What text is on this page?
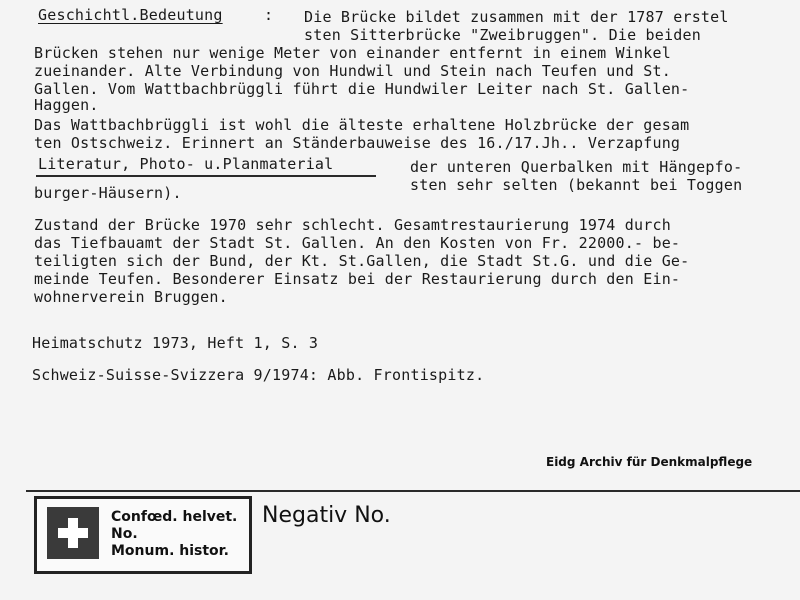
Geschichtl.Bedeutung	: Die Brücke bildet zusammen mit der 1787 erstel
sten Sitterbrücke "Zweibruggen". Die beiden
Brücken stehen nur wenige Meter von einander entfernt in einem Winkel
zueinander. Alte Verbindung von Hundwil und Stein nach Teufen und St.
Gallen. Vom Wattbachbrüggli führt die Hundwiler Leiter nach St. Gallen-
Haggen.
Das Wattbachbrüggli ist wohl die älteste erhaltene Holzbrücke der gesam
ten Ostschweiz. Erinnert an Ständerbauweise des 16./17.Jh.. Verzapfung
Literatur, Photo- u.Planmaterial	der unteren Querbalken mit Hängepfo-
sten sehr selten (bekannt bei Toggen
burger-Häusern).
Zustand der Brücke 1970 sehr schlecht. Gesamtrestaurierung 1974 durch
das Tiefbauamt der Stadt St. Gallen. An den Kosten von Fr. 22000.- be-
teiligten sich der Bund, der Kt. St.Gallen, die Stadt St.G. und die Ge-
meinde Teufen. Besonderer Einsatz bei der Restaurierung durch den Ein-
wohnerverein Bruggen.
Heimatschutz 1973, Heft 1, S. 3
Schweiz-Suisse-Svizzera 9/1974: Abb. Frontispitz.
Eidg Archiv für Denkmalpflege
Confœd. helvet.
No.
Monum. histor.
Negativ No.
